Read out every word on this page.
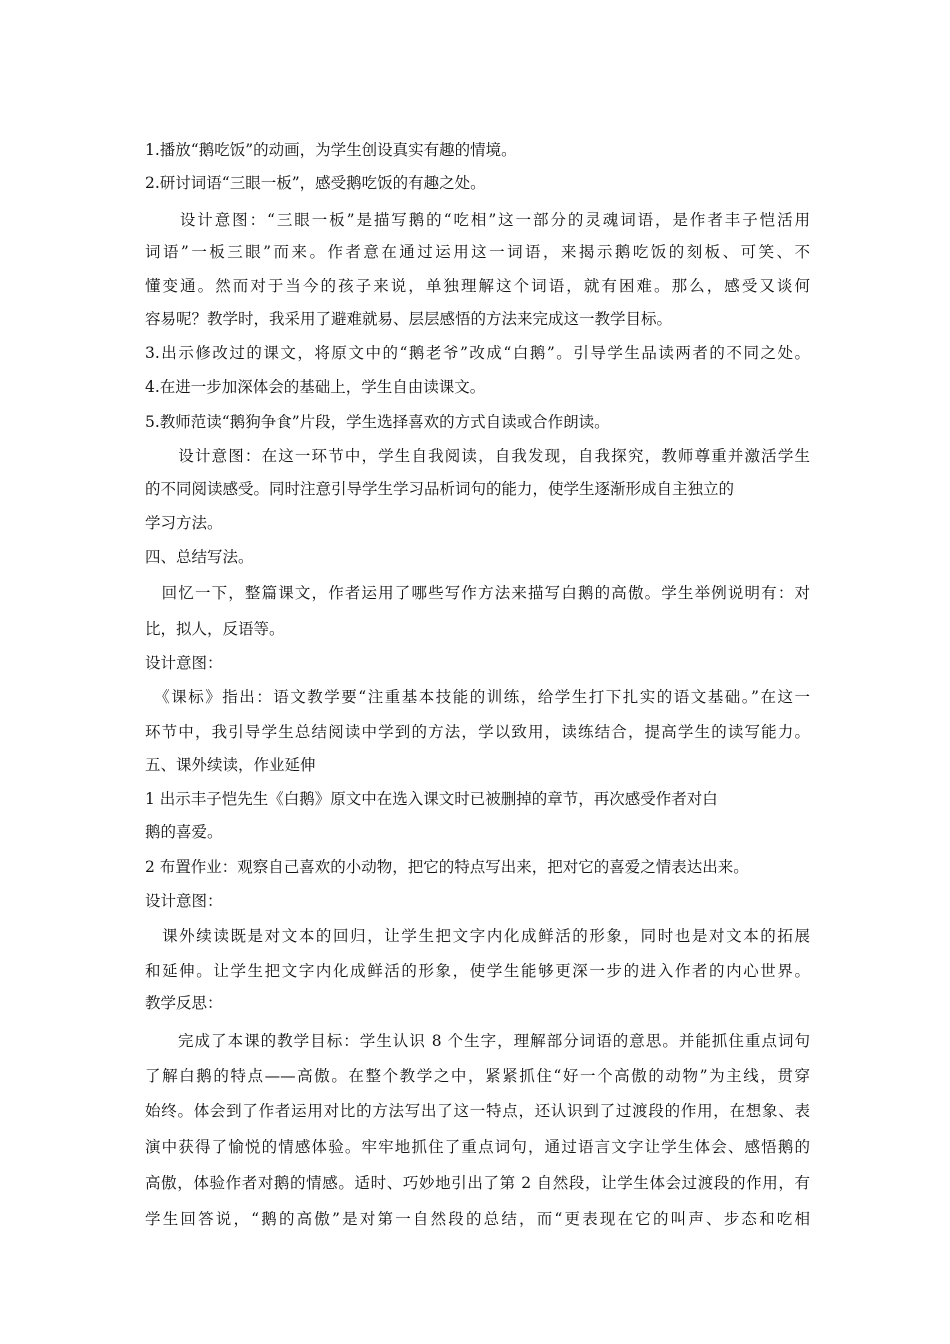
1.播放“鹅吃饭”的动画，为学生创设真实有趣的情境。

2.研讨词语“三眼一板”，感受鹅吃饭的有趣之处。

　　设计意图：“三眼一板”是描写鹅的“吃相”这一部分的灵魂词语，是作者丰子恺活用

词语”一板三眼”而来。作者意在通过运用这一词语，来揭示鹅吃饭的刻板、可笑、不

懂变通。然而对于当今的孩子来说，单独理解这个词语，就有困难。那么，感受又谈何

容易呢？教学时，我采用了避难就易、层层感悟的方法来完成这一教学目标。

3.出示修改过的课文，将原文中的“鹅老爷”改成“白鹅”。引导学生品读两者的不同之处。

4.在进一步加深体会的基础上，学生自由读课文。

5.教师范读“鹅狗争食”片段，学生选择喜欢的方式自读或合作朗读。

　　设计意图：在这一环节中，学生自我阅读，自我发现，自我探究，教师尊重并激活学生

的不同阅读感受。同时注意引导学生学习品析词句的能力，使学生逐渐形成自主独立的

学习方法。

四、总结写法。

　回忆一下，整篇课文，作者运用了哪些写作方法来描写白鹅的高傲。学生举例说明有：对

比，拟人，反语等。

设计意图：

　《课标》指出：语文教学要“注重基本技能的训练，给学生打下扎实的语文基础。”在这一

环节中，我引导学生总结阅读中学到的方法，学以致用，读练结合，提高学生的读写能力。

五、课外续读，作业延伸

1 出示丰子恺先生《白鹅》原文中在选入课文时已被删掉的章节，再次感受作者对白

鹅的喜爱。

2 布置作业：观察自己喜欢的小动物，把它的特点写出来，把对它的喜爱之情表达出来。

设计意图：

　课外续读既是对文本的回归，让学生把文字内化成鲜活的形象，同时也是对文本的拓展

和延伸。让学生把文字内化成鲜活的形象，使学生能够更深一步的进入作者的内心世界。

教学反思：

　　完成了本课的教学目标：学生认识 8 个生字，理解部分词语的意思。并能抓住重点词句

了解白鹅的特点——高傲。在整个教学之中，紧紧抓住“好一个高傲的动物”为主线，贯穿

始终。体会到了作者运用对比的方法写出了这一特点，还认识到了过渡段的作用，在想象、表

演中获得了愉悦的情感体验。牢牢地抓住了重点词句，通过语言文字让学生体会、感悟鹅的

高傲，体验作者对鹅的情感。适时、巧妙地引出了第 2 自然段，让学生体会过渡段的作用，有

学生回答说，“鹅的高傲”是对第一自然段的总结，而“更表现在它的叫声、步态和吃相
